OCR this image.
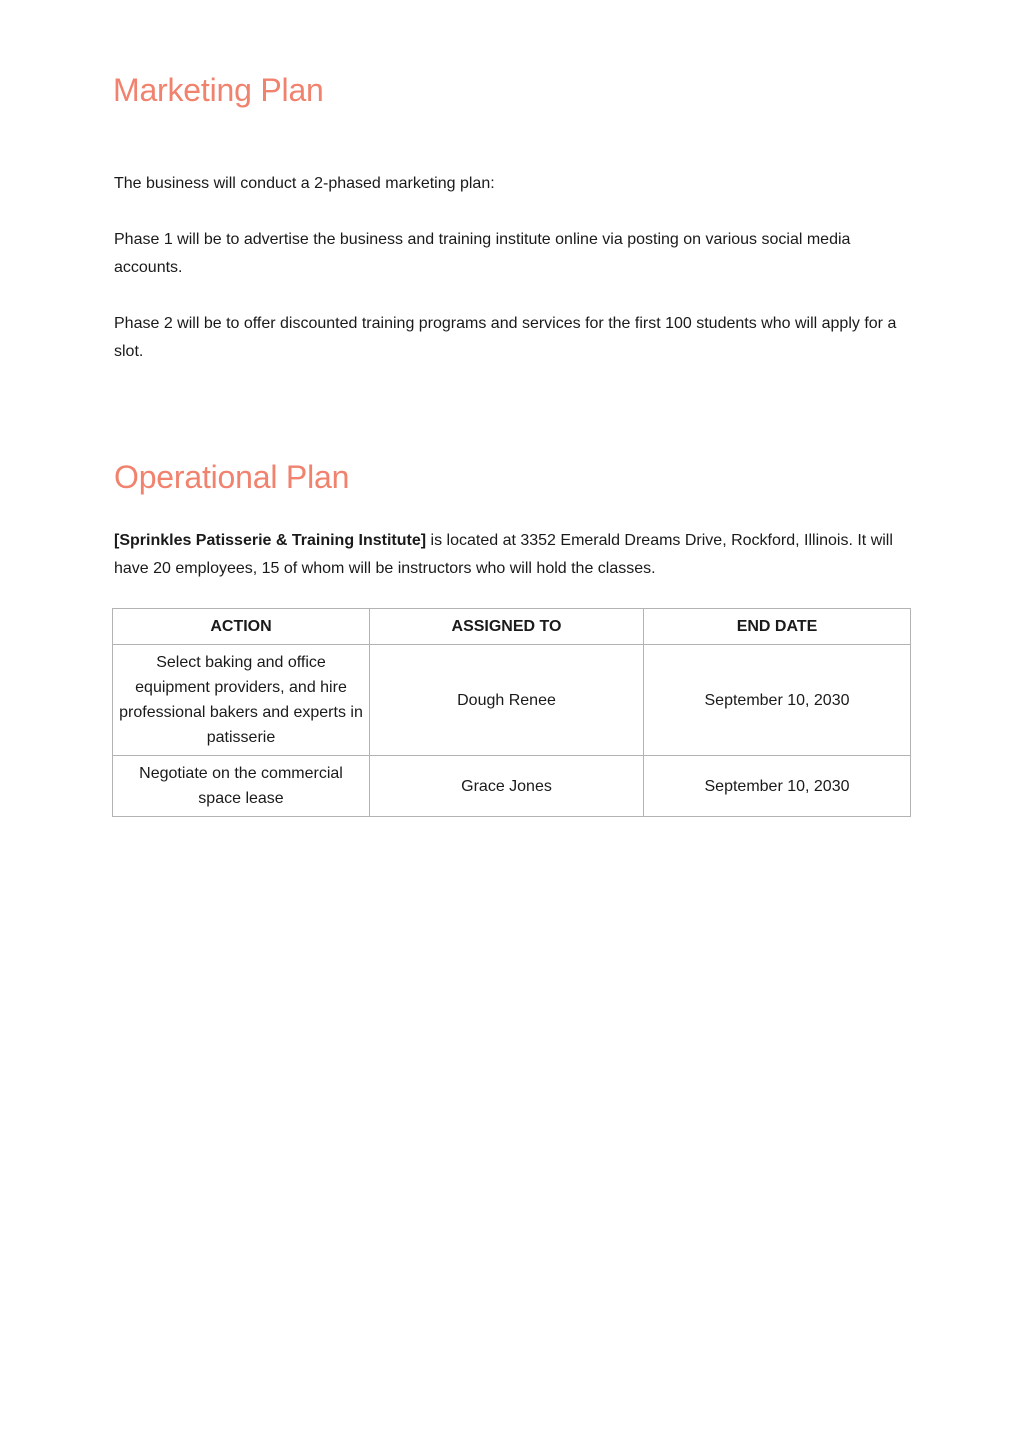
Marketing Plan

The business will conduct a 2-phased marketing plan:

Phase 1 will be to advertise the business and training institute online via posting on various social media accounts.

Phase 2 will be to offer discounted training programs and services for the first 100 students who will apply for a slot.

Operational Plan

[Sprinkles Patisserie & Training Institute] is located at 3352 Emerald Dreams Drive, Rockford, Illinois. It will have 20 employees, 15 of whom will be instructors who will hold the classes.

ACTION	ASSIGNED TO	END DATE
Select baking and office equipment providers, and hire professional bakers and experts in patisserie	Dough Renee	September 10, 2030
Negotiate on the commercial space lease	Grace Jones	September 10, 2030
